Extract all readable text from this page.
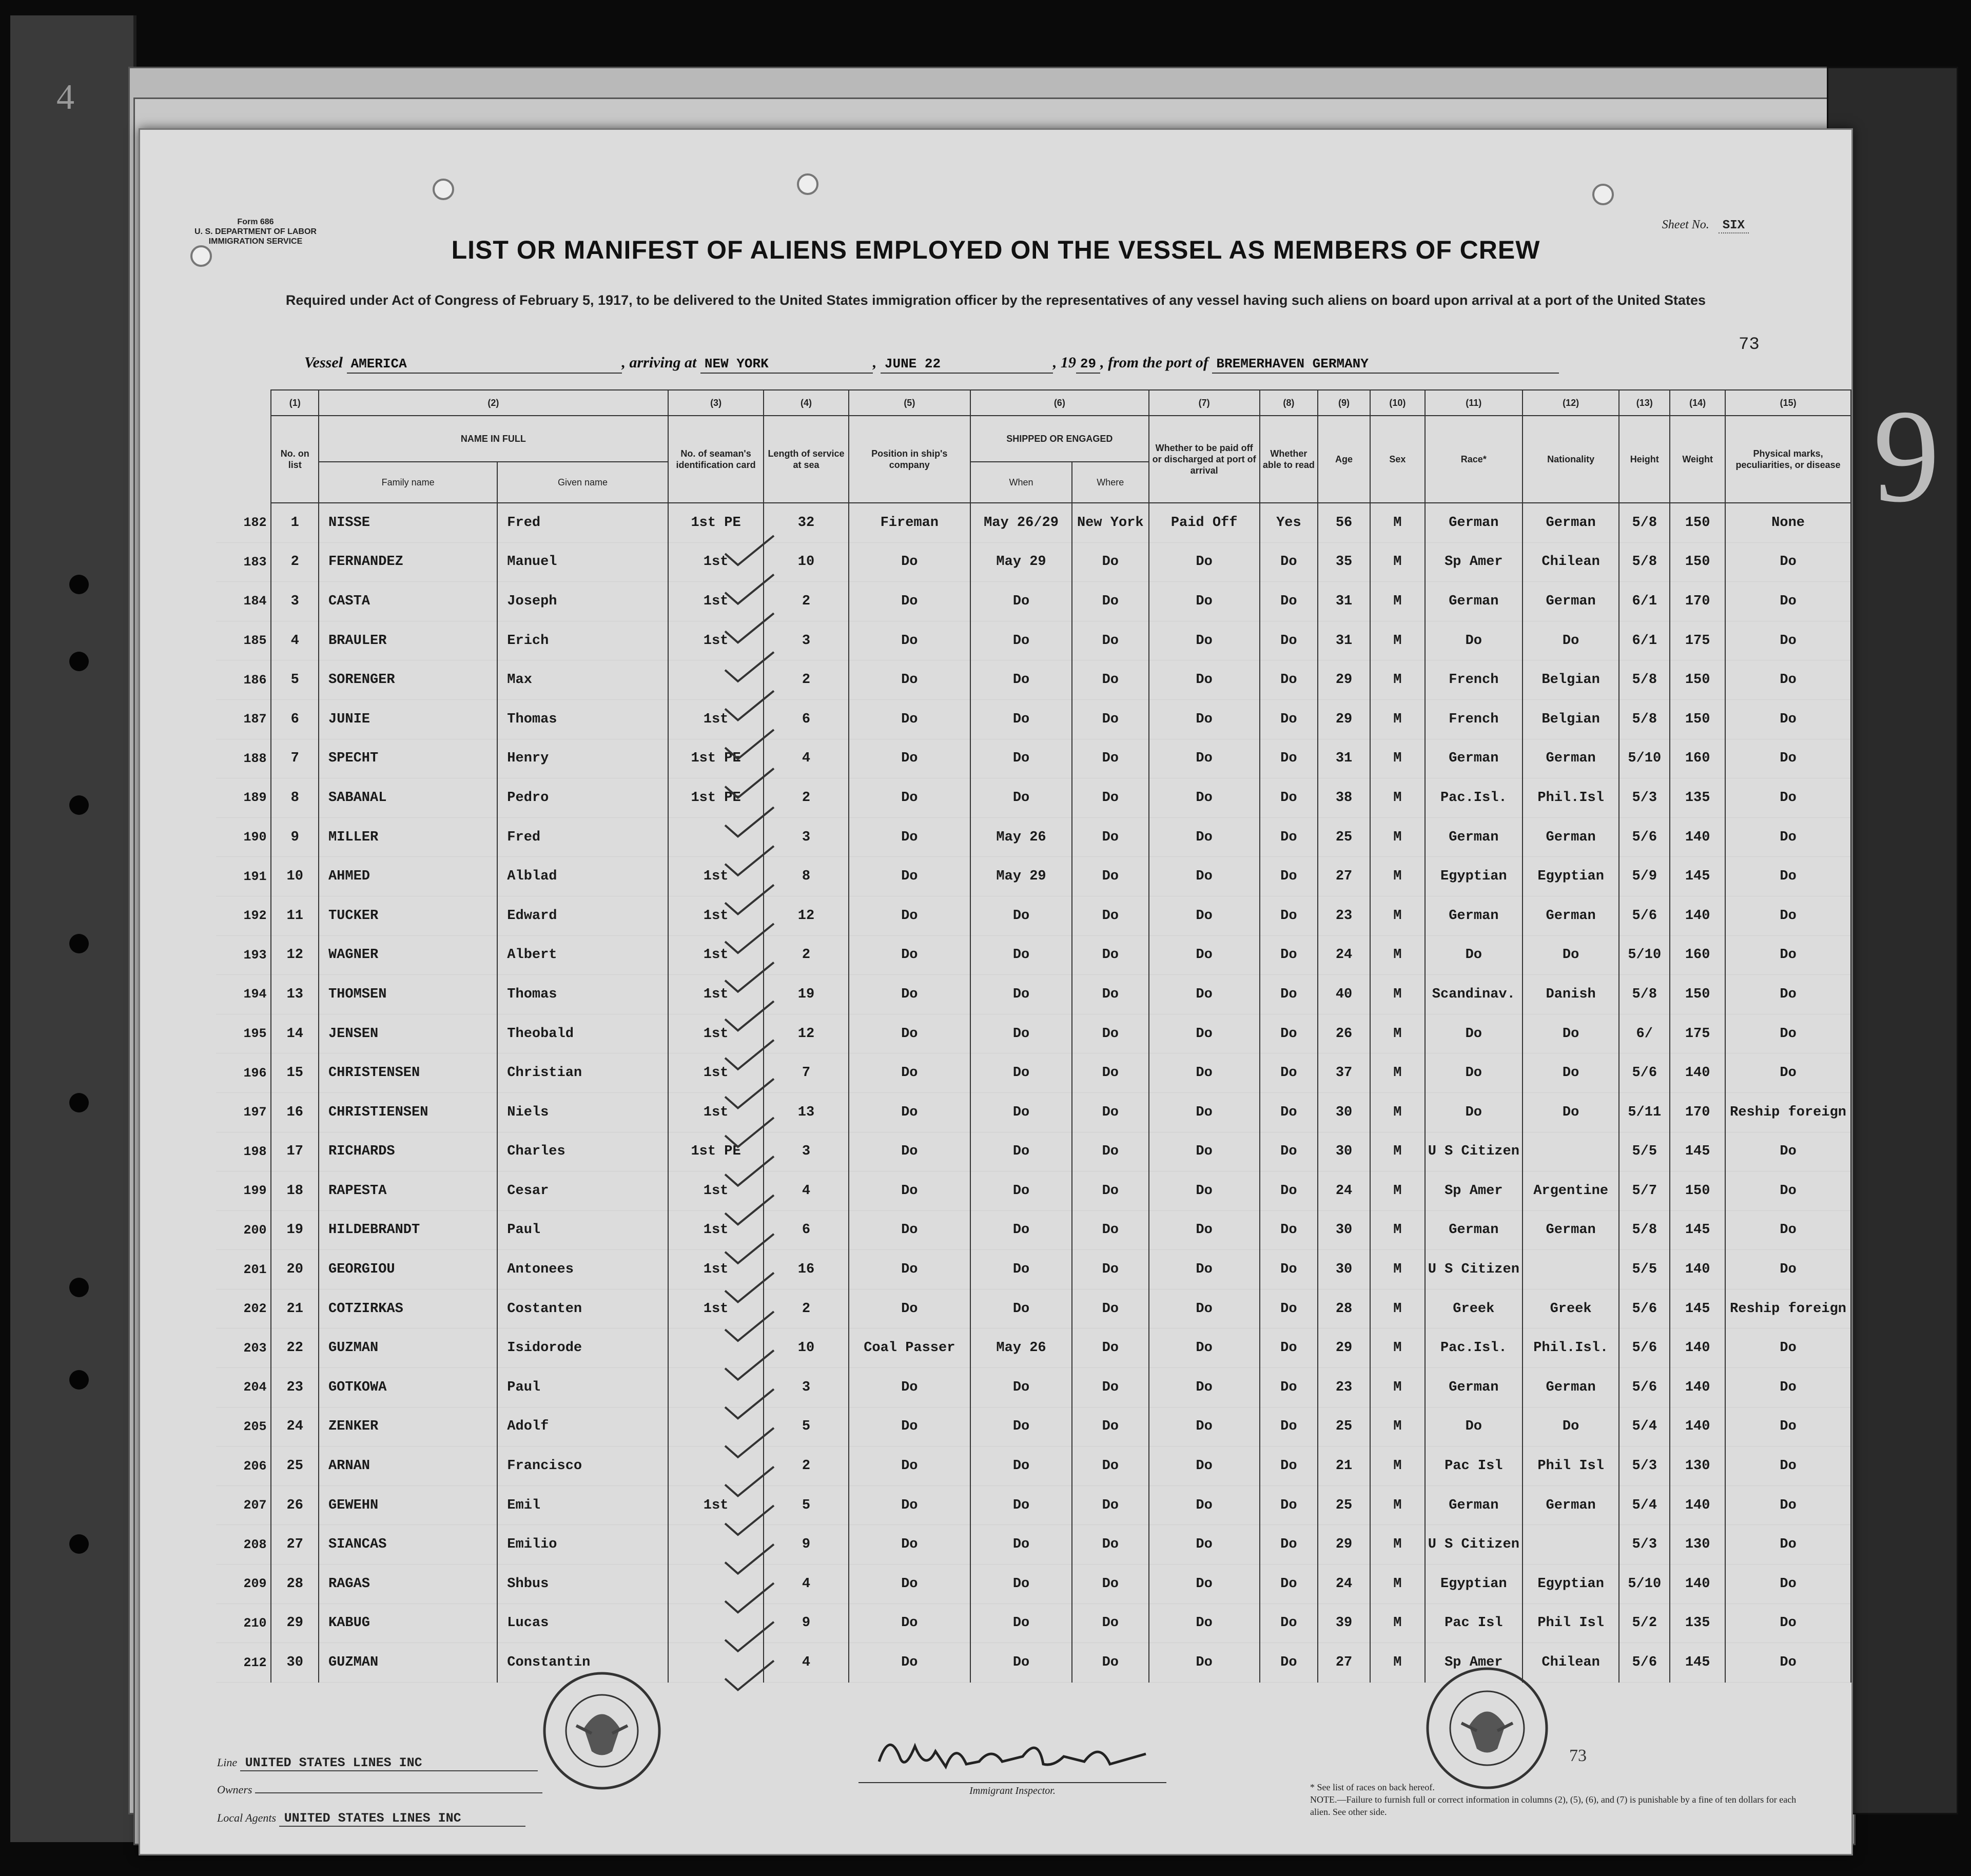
9
4
Form 686
U. S. DEPARTMENT OF LABOR
IMMIGRATION SERVICE
Sheet No. SIX
LIST OR MANIFEST OF ALIENS EMPLOYED ON THE VESSEL AS MEMBERS OF CREW
Required under Act of Congress of February 5, 1917, to be delivered to the United States immigration officer by the representatives of any vessel having such aliens on board upon arrival at a port of the United States
Vessel AMERICA	, arriving at NEW YORK	, JUNE 22	, 19 29 , from the port of BREMERHAVEN GERMANY
73
	(1)	(2)		(3)	(4)	(5)	(6)		(7)	(8)	(9)	(10)	(11)	(12)	(13)	(14)	(15)
	No. on list	NAME IN FULL		No. of seaman's identification card	Length of service at sea	Position in ship's company	SHIPPED OR ENGAGED		Whether to be paid off or discharged at port of arrival	Whether able to read	Age	Sex	Race*	Nationality	Height	Weight	Physical marks, peculiarities, or disease
		Family name	Given name				When	Where									
182	1	NISSE	Fred	1st PE	32	Fireman	May 26/29	New York	Paid Off	Yes	56	M	German	German	5/8	150	None
183	2	FERNANDEZ	Manuel	1st	10	Do	May 29	Do	Do	Do	35	M	Sp Amer	Chilean	5/8	150	Do
184	3	CASTA	Joseph	1st	2	Do	Do	Do	Do	Do	31	M	German	German	6/1	170	Do
185	4	BRAULER	Erich	1st	3	Do	Do	Do	Do	Do	31	M	Do	Do	6/1	175	Do
186	5	SORENGER	Max		2	Do	Do	Do	Do	Do	29	M	French	Belgian	5/8	150	Do
187	6	JUNIE	Thomas	1st	6	Do	Do	Do	Do	Do	29	M	French	Belgian	5/8	150	Do
188	7	SPECHT	Henry	1st PE	4	Do	Do	Do	Do	Do	31	M	German	German	5/10	160	Do
189	8	SABANAL	Pedro	1st PE	2	Do	Do	Do	Do	Do	38	M	Pac.Isl.	Phil.Isl	5/3	135	Do
190	9	MILLER	Fred		3	Do	May 26	Do	Do	Do	25	M	German	German	5/6	140	Do
191	10	AHMED	Alblad	1st	8	Do	May 29	Do	Do	Do	27	M	Egyptian	Egyptian	5/9	145	Do
192	11	TUCKER	Edward	1st	12	Do	Do	Do	Do	Do	23	M	German	German	5/6	140	Do
193	12	WAGNER	Albert	1st	2	Do	Do	Do	Do	Do	24	M	Do	Do	5/10	160	Do
194	13	THOMSEN	Thomas	1st	19	Do	Do	Do	Do	Do	40	M	Scandinav.	Danish	5/8	150	Do
195	14	JENSEN	Theobald	1st	12	Do	Do	Do	Do	Do	26	M	Do	Do	6/	175	Do
196	15	CHRISTENSEN	Christian	1st	7	Do	Do	Do	Do	Do	37	M	Do	Do	5/6	140	Do
197	16	CHRISTIENSEN	Niels	1st	13	Do	Do	Do	Do	Do	30	M	Do	Do	5/11	170	Reship foreign
198	17	RICHARDS	Charles	1st PE	3	Do	Do	Do	Do	Do	30	M	U S Citizen		5/5	145	Do
199	18	RAPESTA	Cesar	1st	4	Do	Do	Do	Do	Do	24	M	Sp Amer	Argentine	5/7	150	Do
200	19	HILDEBRANDT	Paul	1st	6	Do	Do	Do	Do	Do	30	M	German	German	5/8	145	Do
201	20	GEORGIOU	Antonees	1st	16	Do	Do	Do	Do	Do	30	M	U S Citizen		5/5	140	Do
202	21	COTZIRKAS	Costanten	1st	2	Do	Do	Do	Do	Do	28	M	Greek	Greek	5/6	145	Reship foreign
203	22	GUZMAN	Isidorode		10	Coal Passer	May 26	Do	Do	Do	29	M	Pac.Isl.	Phil.Isl.	5/6	140	Do
204	23	GOTKOWA	Paul		3	Do	Do	Do	Do	Do	23	M	German	German	5/6	140	Do
205	24	ZENKER	Adolf		5	Do	Do	Do	Do	Do	25	M	Do	Do	5/4	140	Do
206	25	ARNAN	Francisco		2	Do	Do	Do	Do	Do	21	M	Pac Isl	Phil Isl	5/3	130	Do
207	26	GEWEHN	Emil	1st	5	Do	Do	Do	Do	Do	25	M	German	German	5/4	140	Do
208	27	SIANCAS	Emilio		9	Do	Do	Do	Do	Do	29	M	U S Citizen		5/3	130	Do
209	28	RAGAS	Shbus		4	Do	Do	Do	Do	Do	24	M	Egyptian	Egyptian	5/10	140	Do
210	29	KABUG	Lucas		9	Do	Do	Do	Do	Do	39	M	Pac Isl	Phil Isl	5/2	135	Do
212	30	GUZMAN	Constantin		4	Do	Do	Do	Do	Do	27	M	Sp Amer	Chilean	5/6	145	Do
73
Immigrant Inspector.
Line UNITED STATES LINES INC
Owners
Local Agents UNITED STATES LINES INC
* See list of races on back hereof.
NOTE.—Failure to furnish full or correct information in columns (2), (5), (6), and (7) is punishable by a fine of ten dollars for each alien. See other side.
